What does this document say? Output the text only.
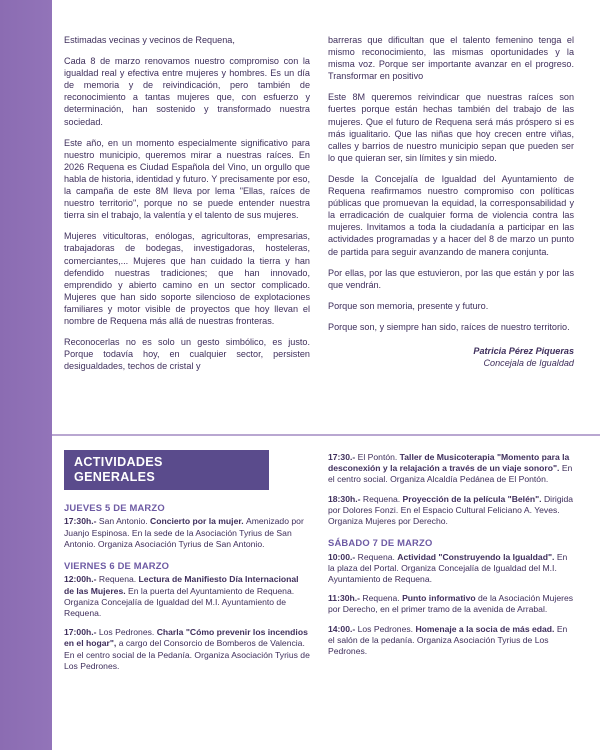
Estimadas vecinas y vecinos de Requena,

Cada 8 de marzo renovamos nuestro compromiso con la igualdad real y efectiva entre mujeres y hombres. Es un día de memoria y de reivindicación, pero también de reconocimiento a tantas mujeres que, con esfuerzo y determinación, han sostenido y transformado nuestra sociedad.

Este año, en un momento especialmente significativo para nuestro municipio, queremos mirar a nuestras raíces. En 2026 Requena es Ciudad Española del Vino, un orgullo que habla de historia, identidad y futuro. Y precisamente por eso, la campaña de este 8M lleva por lema "Ellas, raíces de nuestro territorio", porque no se puede entender nuestra tierra sin el trabajo, la valentía y el talento de sus mujeres.

Mujeres viticultoras, enólogas, agricultoras, empresarias, trabajadoras de bodegas, investigadoras, hosteleras, comerciantes,... Mujeres que han cuidado la tierra y han defendido nuestras tradiciones; que han innovado, emprendido y abierto camino en un sector complicado. Mujeres que han sido soporte silencioso de explotaciones familiares y motor visible de proyectos que hoy llevan el nombre de Requena más allá de nuestras fronteras.

Reconocerlas no es solo un gesto simbólico, es justo. Porque todavía hoy, en cualquier sector, persisten desigualdades, techos de cristal y

barreras que dificultan que el talento femenino tenga el mismo reconocimiento, las mismas oportunidades y la misma voz. Porque ser importante avanzar en el progreso. Transformar en positivo

Este 8M queremos reivindicar que nuestras raíces son fuertes porque están hechas también del trabajo de las mujeres. Que el futuro de Requena será más próspero si es más igualitario. Que las niñas que hoy crecen entre viñas, calles y barrios de nuestro municipio sepan que pueden ser lo que quieran ser, sin límites y sin miedo.

Desde la Concejalía de Igualdad del Ayuntamiento de Requena reafirmamos nuestro compromiso con políticas públicas que promuevan la equidad, la corresponsabilidad y la erradicación de cualquier forma de violencia contra las mujeres. Invitamos a toda la ciudadanía a participar en las actividades programadas y a hacer del 8 de marzo un punto de partida para seguir avanzando de manera conjunta.

Por ellas, por las que estuvieron, por las que están y por las que vendrán.

Porque son memoria, presente y futuro.

Porque son, y siempre han sido, raíces de nuestro territorio.

Patricia Pérez Piqueras
Concejala de Igualdad
ACTIVIDADES
GENERALES
JUEVES 5 DE MARZO

17:30h.- San Antonio. Concierto por la mujer. Amenizado por Juanjo Espinosa. En la sede de la Asociación Tyrius de San Antonio. Organiza Asociación Tyrius de San Antonio.

VIERNES 6 DE MARZO

12:00h.- Requena. Lectura de Manifiesto Día Internacional de las Mujeres. En la puerta del Ayuntamiento de Requena. Organiza Concejalía de Igualdad del M.I. Ayuntamiento de Requena.

17:00h.- Los Pedrones. Charla "Cómo prevenir los incendios en el hogar", a cargo del Consorcio de Bomberos de Valencia. En el centro social de la Pedanía. Organiza Asociación Tyrius de Los Pedrones.

17:30.- El Pontón. Taller de Musicoterapia "Momento para la desconexión y la relajación a través de un viaje sonoro". En el centro social. Organiza Alcaldía Pedánea de El Pontón.

18:30h.- Requena. Proyección de la película "Belén". Dirigida por Dolores Fonzi. En el Espacio Cultural Feliciano A. Yeves. Organiza Mujeres por Derecho.

SÁBADO 7 DE MARZO

10:00.- Requena. Actividad "Construyendo la Igualdad". En la plaza del Portal. Organiza Concejalía de Igualdad del M.I. Ayuntamiento de Requena.

11:30h.- Requena. Punto informativo de la Asociación Mujeres por Derecho, en el primer tramo de la avenida de Arrabal.

14:00.- Los Pedrones. Homenaje a la socia de más edad. En el salón de la pedanía. Organiza Asociación Tyrius de Los Pedrones.
